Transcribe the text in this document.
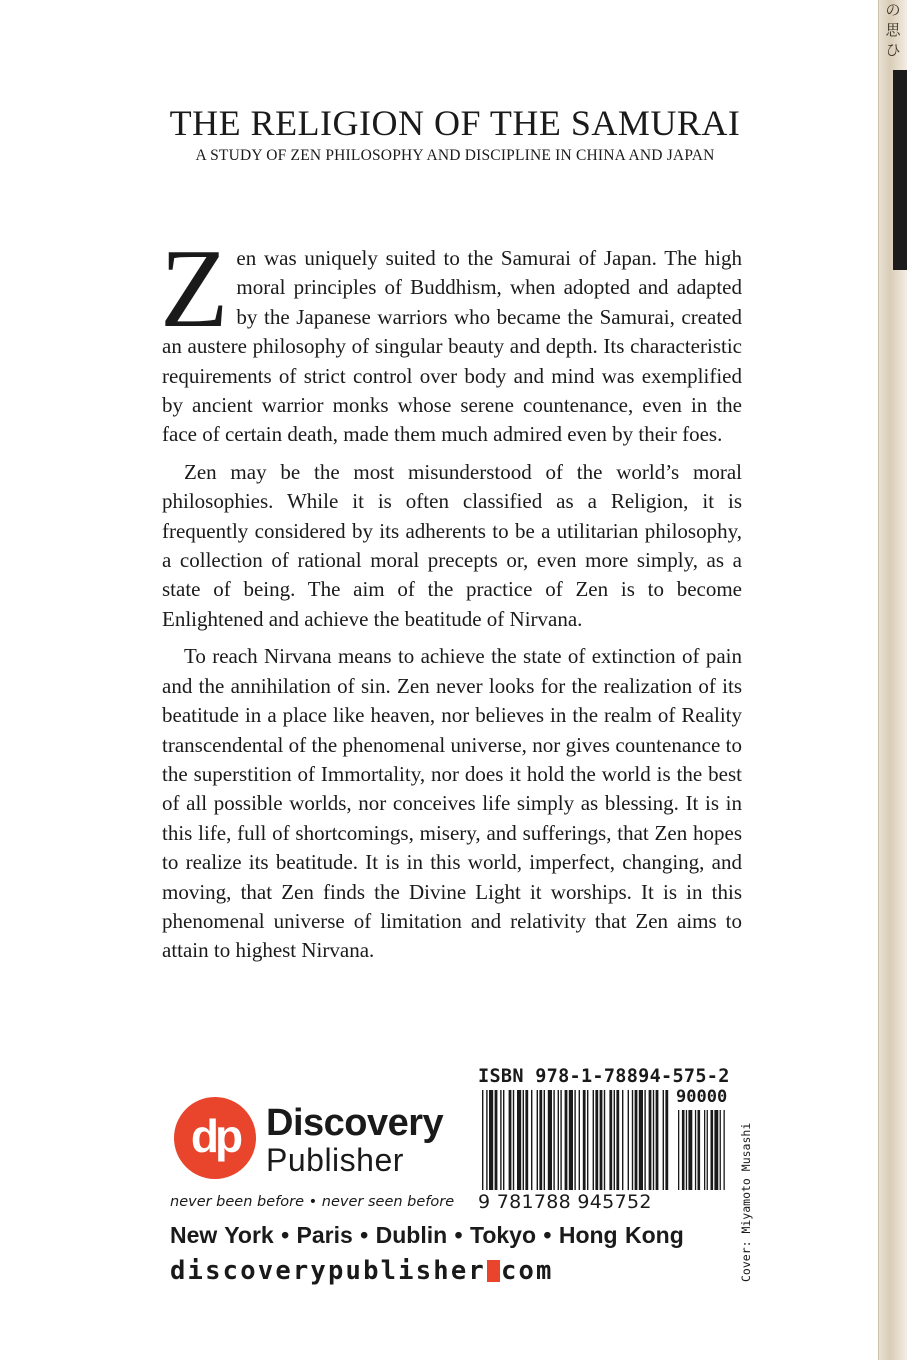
の思ひ
THE RELIGION OF THE SAMURAI
A STUDY OF ZEN PHILOSOPHY AND DISCIPLINE IN CHINA AND JAPAN

Zen was uniquely suited to the Samurai of Japan. The high moral principles of Buddhism, when adopted and adapted by the Japanese warriors who became the Samurai, created an austere philosophy of singular beauty and depth. Its characteristic requirements of strict control over body and mind was exemplified by ancient warrior monks whose serene countenance, even in the face of certain death, made them much admired even by their foes.

Zen may be the most misunderstood of the world’s moral philosophies. While it is often classified as a Religion, it is frequently considered by its adherents to be a utilitarian philosophy, a collection of rational moral precepts or, even more simply, as a state of being. The aim of the practice of Zen is to become Enlightened and achieve the beatitude of Nirvana.

To reach Nirvana means to achieve the state of extinction of pain and the annihilation of sin. Zen never looks for the realization of its beatitude in a place like heaven, nor believes in the realm of Reality transcendental of the phenomenal universe, nor gives countenance to the superstition of Immortality, nor does it hold the world is the best of all possible worlds, nor conceives life simply as blessing. It is in this life, full of shortcomings, misery, and sufferings, that Zen hopes to realize its beatitude. It is in this world, imperfect, changing, and moving, that Zen finds the Divine Light it worships. It is in this phenomenal universe of limitation and relativity that Zen aims to attain to highest Nirvana.

dp Discovery
Publisher
never been before • never seen before
ISBN 978-1-78894-575-2
90000
9 781788 945752	Cover: Miyamoto Musashi
New York • Paris • Dublin • Tokyo • Hong Kong
discoverypublisher com
